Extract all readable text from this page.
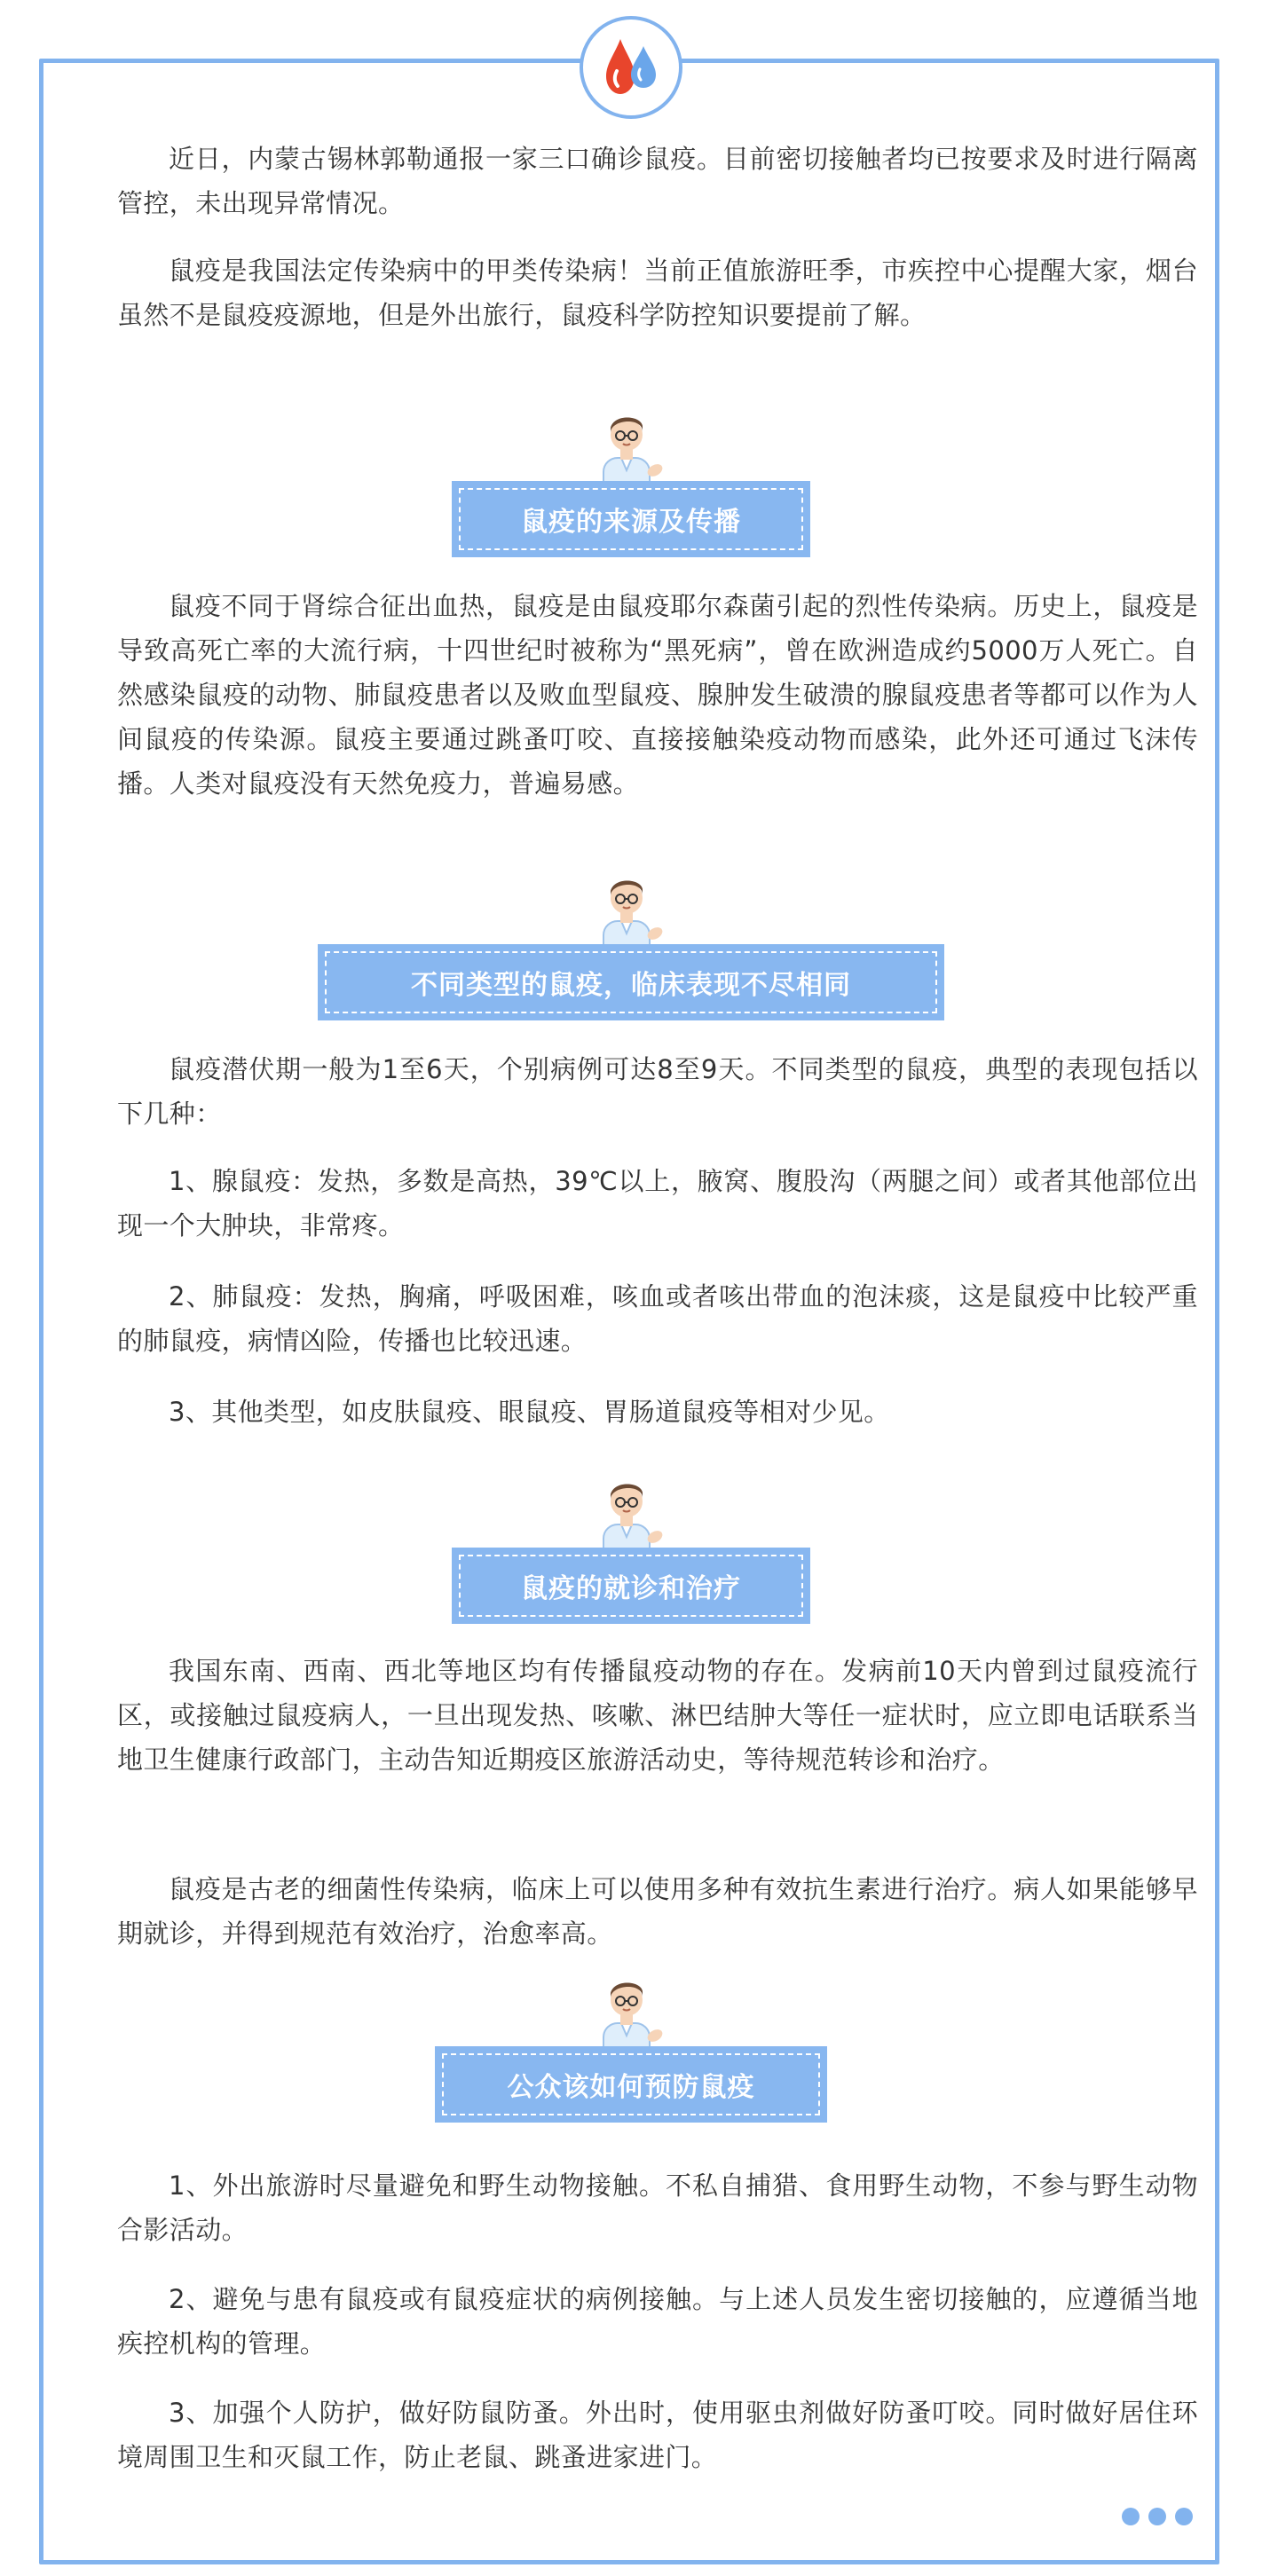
近日，内蒙古锡林郭勒通报一家三口确诊鼠疫。目前密切接触者均已按要求及时进行隔离管控，未出现异常情况。

鼠疫是我国法定传染病中的甲类传染病！当前正值旅游旺季，市疾控中心提醒大家，烟台虽然不是鼠疫疫源地，但是外出旅行，鼠疫科学防控知识要提前了解。

鼠疫的来源及传播

鼠疫不同于肾综合征出血热，鼠疫是由鼠疫耶尔森菌引起的烈性传染病。历史上，鼠疫是导致高死亡率的大流行病，十四世纪时被称为“黑死病”，曾在欧洲造成约5000万人死亡。自然感染鼠疫的动物、肺鼠疫患者以及败血型鼠疫、腺肿发生破溃的腺鼠疫患者等都可以作为人间鼠疫的传染源。鼠疫主要通过跳蚤叮咬、直接接触染疫动物而感染，此外还可通过飞沫传播。人类对鼠疫没有天然免疫力，普遍易感。

不同类型的鼠疫，临床表现不尽相同

鼠疫潜伏期一般为1至6天，个别病例可达8至9天。不同类型的鼠疫，典型的表现包括以下几种：

1、腺鼠疫：发热，多数是高热，39℃以上，腋窝、腹股沟（两腿之间）或者其他部位出现一个大肿块，非常疼。

2、肺鼠疫：发热，胸痛，呼吸困难，咳血或者咳出带血的泡沫痰，这是鼠疫中比较严重的肺鼠疫，病情凶险，传播也比较迅速。

3、其他类型，如皮肤鼠疫、眼鼠疫、胃肠道鼠疫等相对少见。

鼠疫的就诊和治疗

我国东南、西南、西北等地区均有传播鼠疫动物的存在。发病前10天内曾到过鼠疫流行区，或接触过鼠疫病人，一旦出现发热、咳嗽、淋巴结肿大等任一症状时，应立即电话联系当地卫生健康行政部门，主动告知近期疫区旅游活动史，等待规范转诊和治疗。

鼠疫是古老的细菌性传染病，临床上可以使用多种有效抗生素进行治疗。病人如果能够早期就诊，并得到规范有效治疗，治愈率高。

公众该如何预防鼠疫

1、外出旅游时尽量避免和野生动物接触。不私自捕猎、食用野生动物，不参与野生动物合影活动。

2、避免与患有鼠疫或有鼠疫症状的病例接触。与上述人员发生密切接触的，应遵循当地疾控机构的管理。

3、加强个人防护，做好防鼠防蚤。外出时，使用驱虫剂做好防蚤叮咬。同时做好居住环境周围卫生和灭鼠工作，防止老鼠、跳蚤进家进门。
